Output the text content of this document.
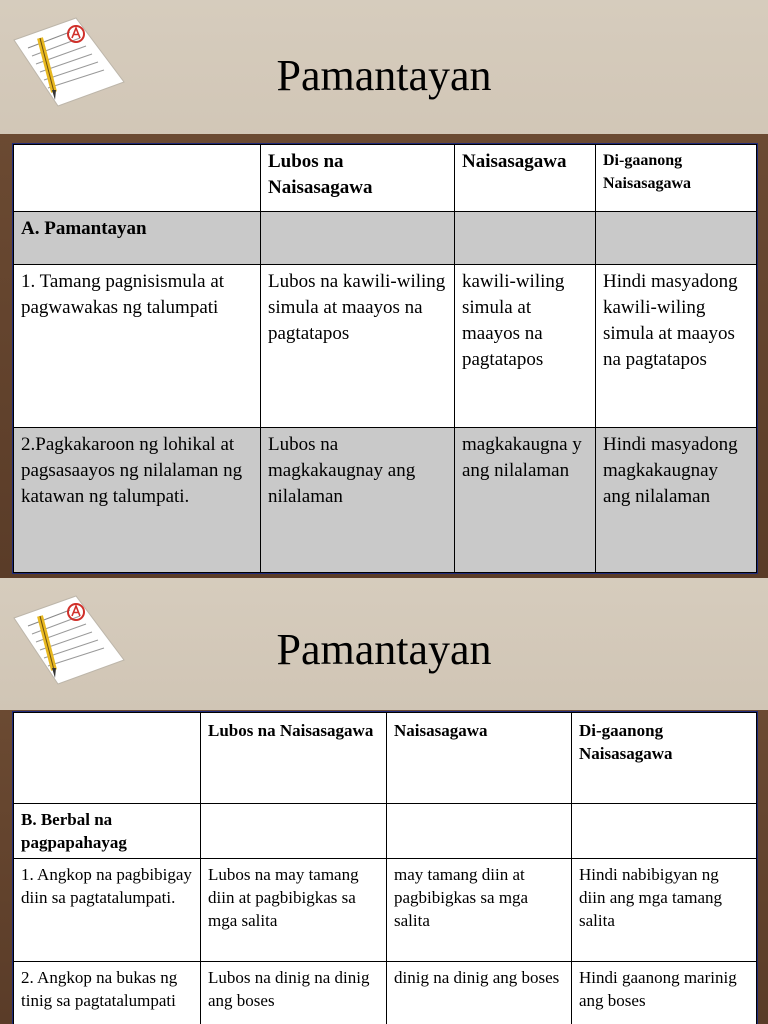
Pamantayan
	Lubos na Naisasagawa	Naisasagawa	Di-gaanong Naisasagawa
A. Pamantayan			
1. Tamang pagnisismula at pagwawakas ng talumpati	Lubos na kawili-wiling simula at maayos na pagtatapos	kawili-wiling simula at maayos na pagtatapos	Hindi masyadong kawili-wiling simula at maayos na pagtatapos
2.Pagkakaroon ng lohikal at pagsasaayos ng nilalaman ng katawan ng talumpati.	Lubos na magkakaugnay ang nilalaman	magkakaugna y ang nilalaman	Hindi masyadong magkakaugnay ang nilalaman
Pamantayan
	Lubos na Naisasagawa	Naisasagawa	Di-gaanong Naisasagawa
B. Berbal na pagpapahayag			
1. Angkop na pagbibigay diin sa pagtatalumpati.	Lubos na may tamang diin at pagbibigkas sa mga salita	may tamang diin at pagbibigkas sa mga salita	Hindi nabibigyan ng diin ang mga tamang salita
2. Angkop na bukas ng tinig sa pagtatalumpati	Lubos na dinig na dinig ang boses	dinig na dinig ang boses	Hindi gaanong marinig ang boses
